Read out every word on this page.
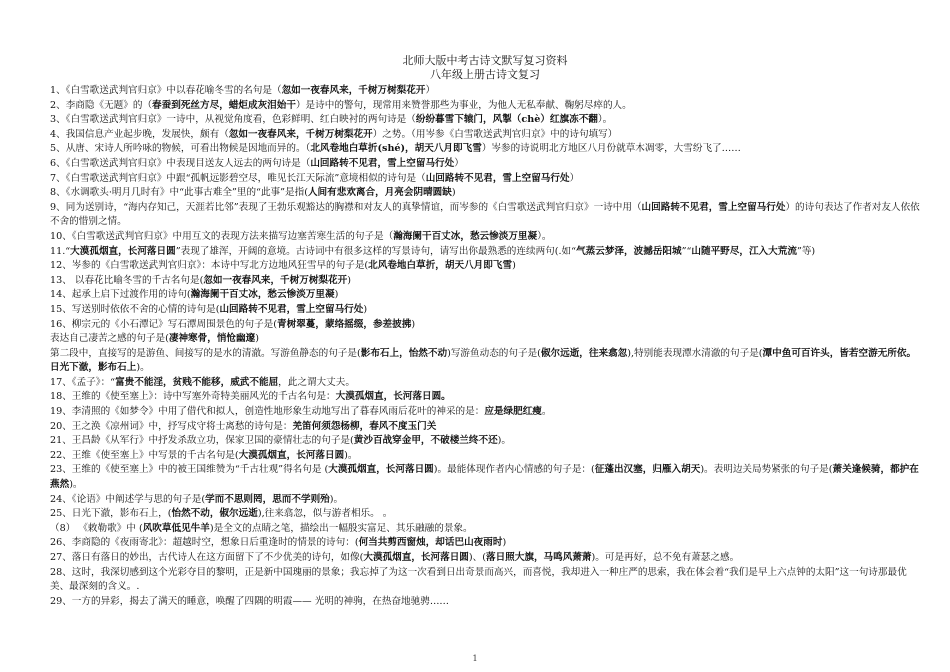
北师大版中考古诗文默写复习资料
八年级上册古诗文复习

1、《白雪歌送武判官归京》中以春花喻冬雪的名句是（忽如一夜春风来，千树万树梨花开）

2、李商隐《无题》的（春蚕到死丝方尽，蜡炬成灰泪始干）是诗中的警句，现常用来赞誉那些为事业，为他人无私奉献、鞠躬尽瘁的人。

3、《白雪歌送武判官归京》一诗中，从视觉角度看，色彩鲜明、红白映衬的两句诗是（纷纷暮雪下辕门，风掣（chè）红旗冻不翻）。

4、我国信息产业起步晚，发展快，颇有（忽如一夜春风来，千树万树梨花开）之势。（用岑参《白雪歌送武判官归京》中的诗句填写）

5、从唐、宋诗人所吟咏的物候，可看出物候是因地而异的。（北风卷地白草折(shé)，胡天八月即飞雪）岑参的诗说明北方地区八月份就草木凋零，大雪纷飞了……

6、《白雪歌送武判官归京》中表现目送友人远去的两句诗是（山回路转不见君，雪上空留马行处）

7、《白雪歌送武判官归京》中跟“孤帆远影碧空尽，唯见长江天际流”意境相似的诗句是（山回路转不见君，雪上空留马行处）

8、《水调歌头·明月几时有》中“此事古难全”里的“此事”是指(人间有悲欢离合，月亮会阴晴圆缺)

9、同为送别诗，“海内存知己，天涯若比邻”表现了王勃乐观豁达的胸襟和对友人的真挚情谊，而岑参的《白雪歌送武判官归京》一诗中用（山回路转不见君，雪上空留马行处）的诗句表达了作者对友人依依不舍的惜别之情。

10、《白雪歌送武判官归京》中用互文的表现方法来描写边塞苦寒生活的句子是（瀚海阑干百丈冰，愁云惨淡万里凝）。

11.“大漠孤烟直，长河落日圆”表现了雄浑，开阔的意境。古诗词中有很多这样的写景诗句，请写出你最熟悉的连续两句(.如“气蒸云梦泽，波撼岳阳城”“山随平野尽，江入大荒流”等)

12、岑参的《白雪歌送武判官归京》：本诗中写北方边地风狂雪早的句子是(北风卷地白草折，胡天八月即飞雪)

13、 以春花比喻冬雪的千古名句是(忽如一夜春风来，千树万树梨花开)

14、起承上启下过渡作用的诗句(瀚海阑干百丈冰，愁云惨淡万里凝)

15、写送别时依依不舍的心情的诗句是(山回路转不见君，雪上空留马行处)

16、柳宗元的《小石潭记》写石潭周围景色的句子是(青树翠蔓，蒙络摇缀，参差披拂)

表达自己凄苦之感的句子是(凄神寒骨，悄怆幽邃)

第二段中，直接写的是游鱼、间接写的是水的清澈。写游鱼静态的句子是(影布石上，怡然不动)写游鱼动态的句子是(俶尔远逝，往来翕忽),特别能表现潭水清澈的句子是(潭中鱼可百许头，皆若空游无所依。日光下澈，影布石上)。

17、《孟子》：“富贵不能淫，贫贱不能移，威武不能屈，此之谓大丈夫。

18、王维的《使至塞上》：诗中写塞外奇特美丽风光的千古名句是：大漠孤烟直，长河落日圆。

19、李清照的《如梦令》中用了借代和拟人，创造性地形象生动地写出了暮春风雨后花叶的神采的是：应是绿肥红瘦。

20、王之涣《凉州词》中，抒写戍守将士离愁的诗句是：羌笛何须怨杨柳，春风不度玉门关

21、王昌龄《从军行》中抒发杀敌立功，保家卫国的豪情壮志的句子是(黄沙百战穿金甲，不破楼兰终不还)。

22、王维《使至塞上》中写景的千古名句是(大漠孤烟直，长河落日圆)。

23、王维的《使至塞上》中的被王国维赞为“千古壮观”得名句是 (大漠孤烟直，长河落日圆)。最能体现作者内心情感的句子是：(征蓬出汉塞，归雁入胡天)。表明边关局势紧张的句子是(萧关逢候骑，都护在燕然)。

24、《论语》中阐述学与思的句子是(学而不思则罔，思而不学则殆)。

25、日光下澈，影布石上，(怡然不动，俶尔远逝),往来翕忽，似与游者相乐。 。

（8） 《敕勒歌》中 (风吹草低见牛羊)是全文的点睛之笔，描绘出一幅殷实富足、其乐融融的景象。

26、李商隐的《夜雨寄北》：超越时空，想象日后重逢时的情景的诗句：(何当共剪西窗烛，却话巴山夜雨时)

27、落日有落日的妙出，古代诗人在这方面留下了不少优美的诗句，如像(大漠孤烟直，长河落日圆)、(落日照大旗，马鸣风萧萧)。可是再好，总不免有萧瑟之感。

28、这时，我深切感到这个光彩夺目的黎明，正是新中国瑰丽的景象；我忘掉了为这一次看到日出奇景而高兴，而喜悦，我却进入一种庄严的思索，我在体会着“我们是早上六点钟的太阳”这一句诗那最优美、最深刻的含义。.

29、一方的异彩，揭去了满天的睡意，唤醒了四隅的明霞—— 光明的神驹，在热奋地驰骋……

1
